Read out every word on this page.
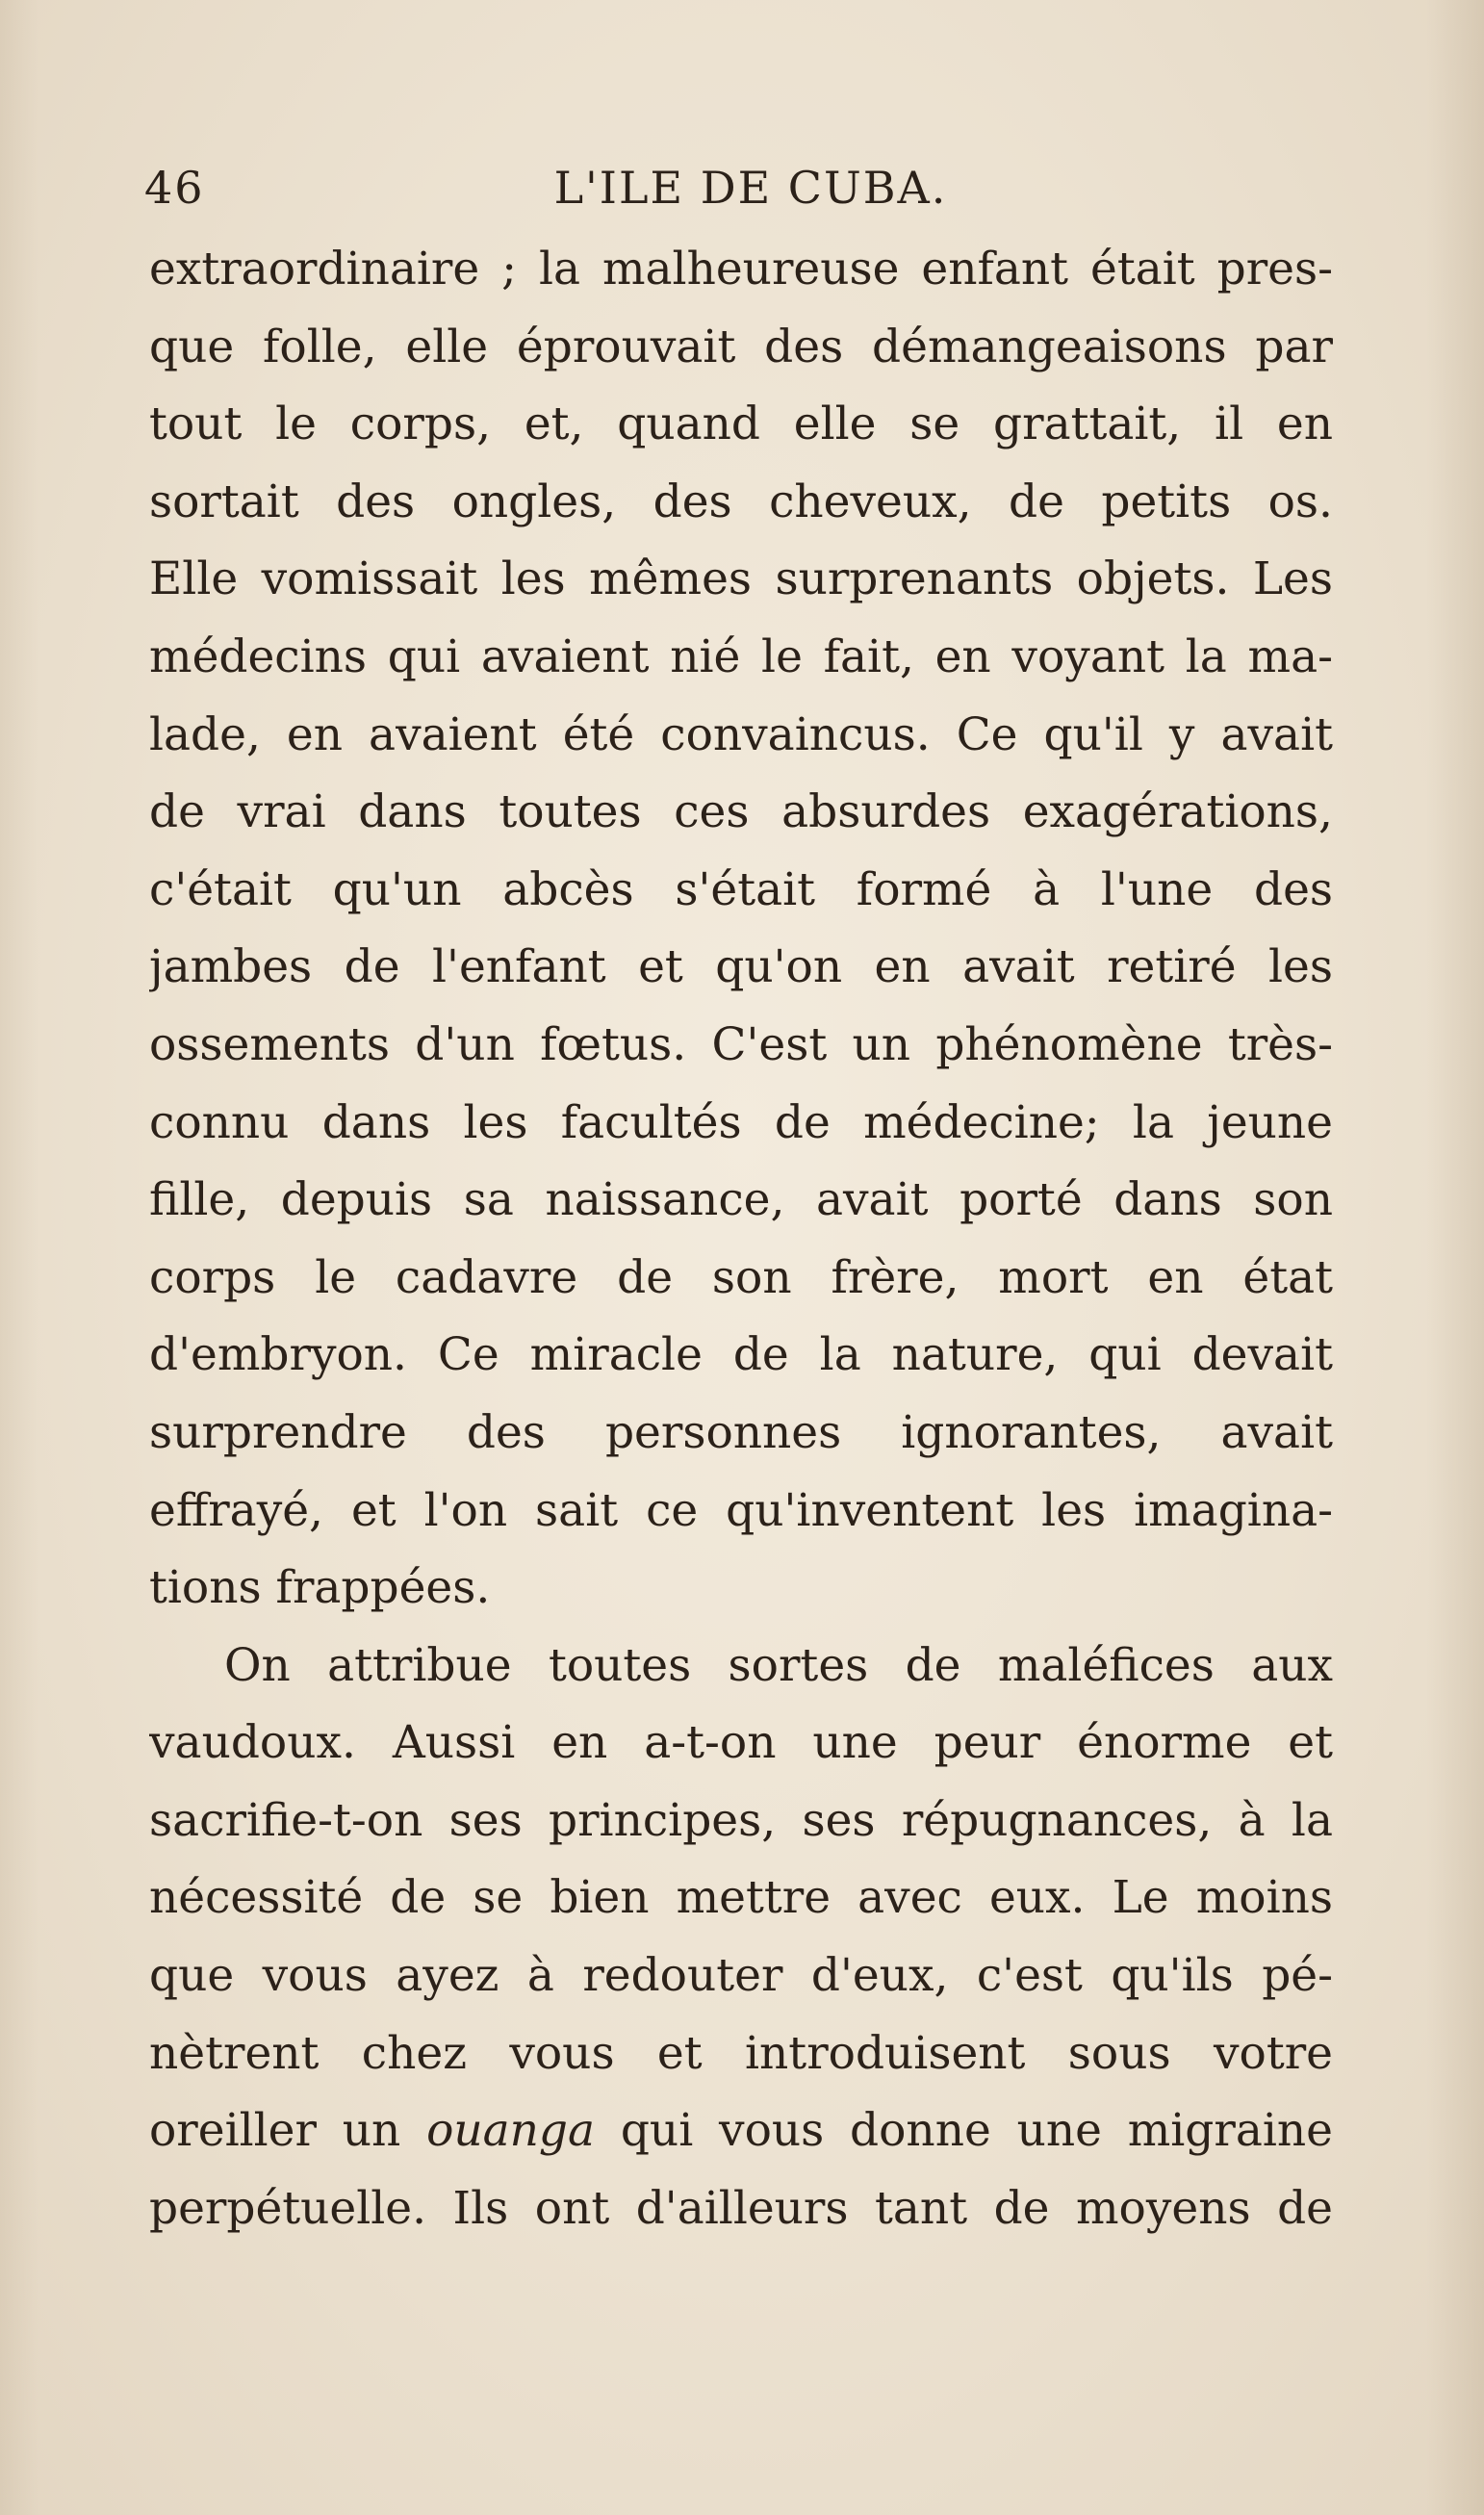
46	L'ILE DE CUBA.
extraordinaire ; la malheureuse enfant était pres-
que folle, elle éprouvait des démangeaisons par
tout le corps, et, quand elle se grattait, il en
sortait des ongles, des cheveux, de petits os.
Elle vomissait les mêmes surprenants objets. Les
médecins qui avaient nié le fait, en voyant la ma-
lade, en avaient été convaincus. Ce qu'il y avait
de vrai dans toutes ces absurdes exagérations,
c'était qu'un abcès s'était formé à l'une des
jambes de l'enfant et qu'on en avait retiré les
ossements d'un fœtus. C'est un phénomène très-
connu dans les facultés de médecine; la jeune
fille, depuis sa naissance, avait porté dans son
corps le cadavre de son frère, mort en état
d'embryon. Ce miracle de la nature, qui devait
surprendre des personnes ignorantes, avait
effrayé, et l'on sait ce qu'inventent les imagina-
tions frappées.
On attribue toutes sortes de maléfices aux
vaudoux. Aussi en a-t-on une peur énorme et
sacrifie-t-on ses principes, ses répugnances, à la
nécessité de se bien mettre avec eux. Le moins
que vous ayez à redouter d'eux, c'est qu'ils pé-
nètrent chez vous et introduisent sous votre
oreiller un ouanga qui vous donne une migraine
perpétuelle. Ils ont d'ailleurs tant de moyens de
